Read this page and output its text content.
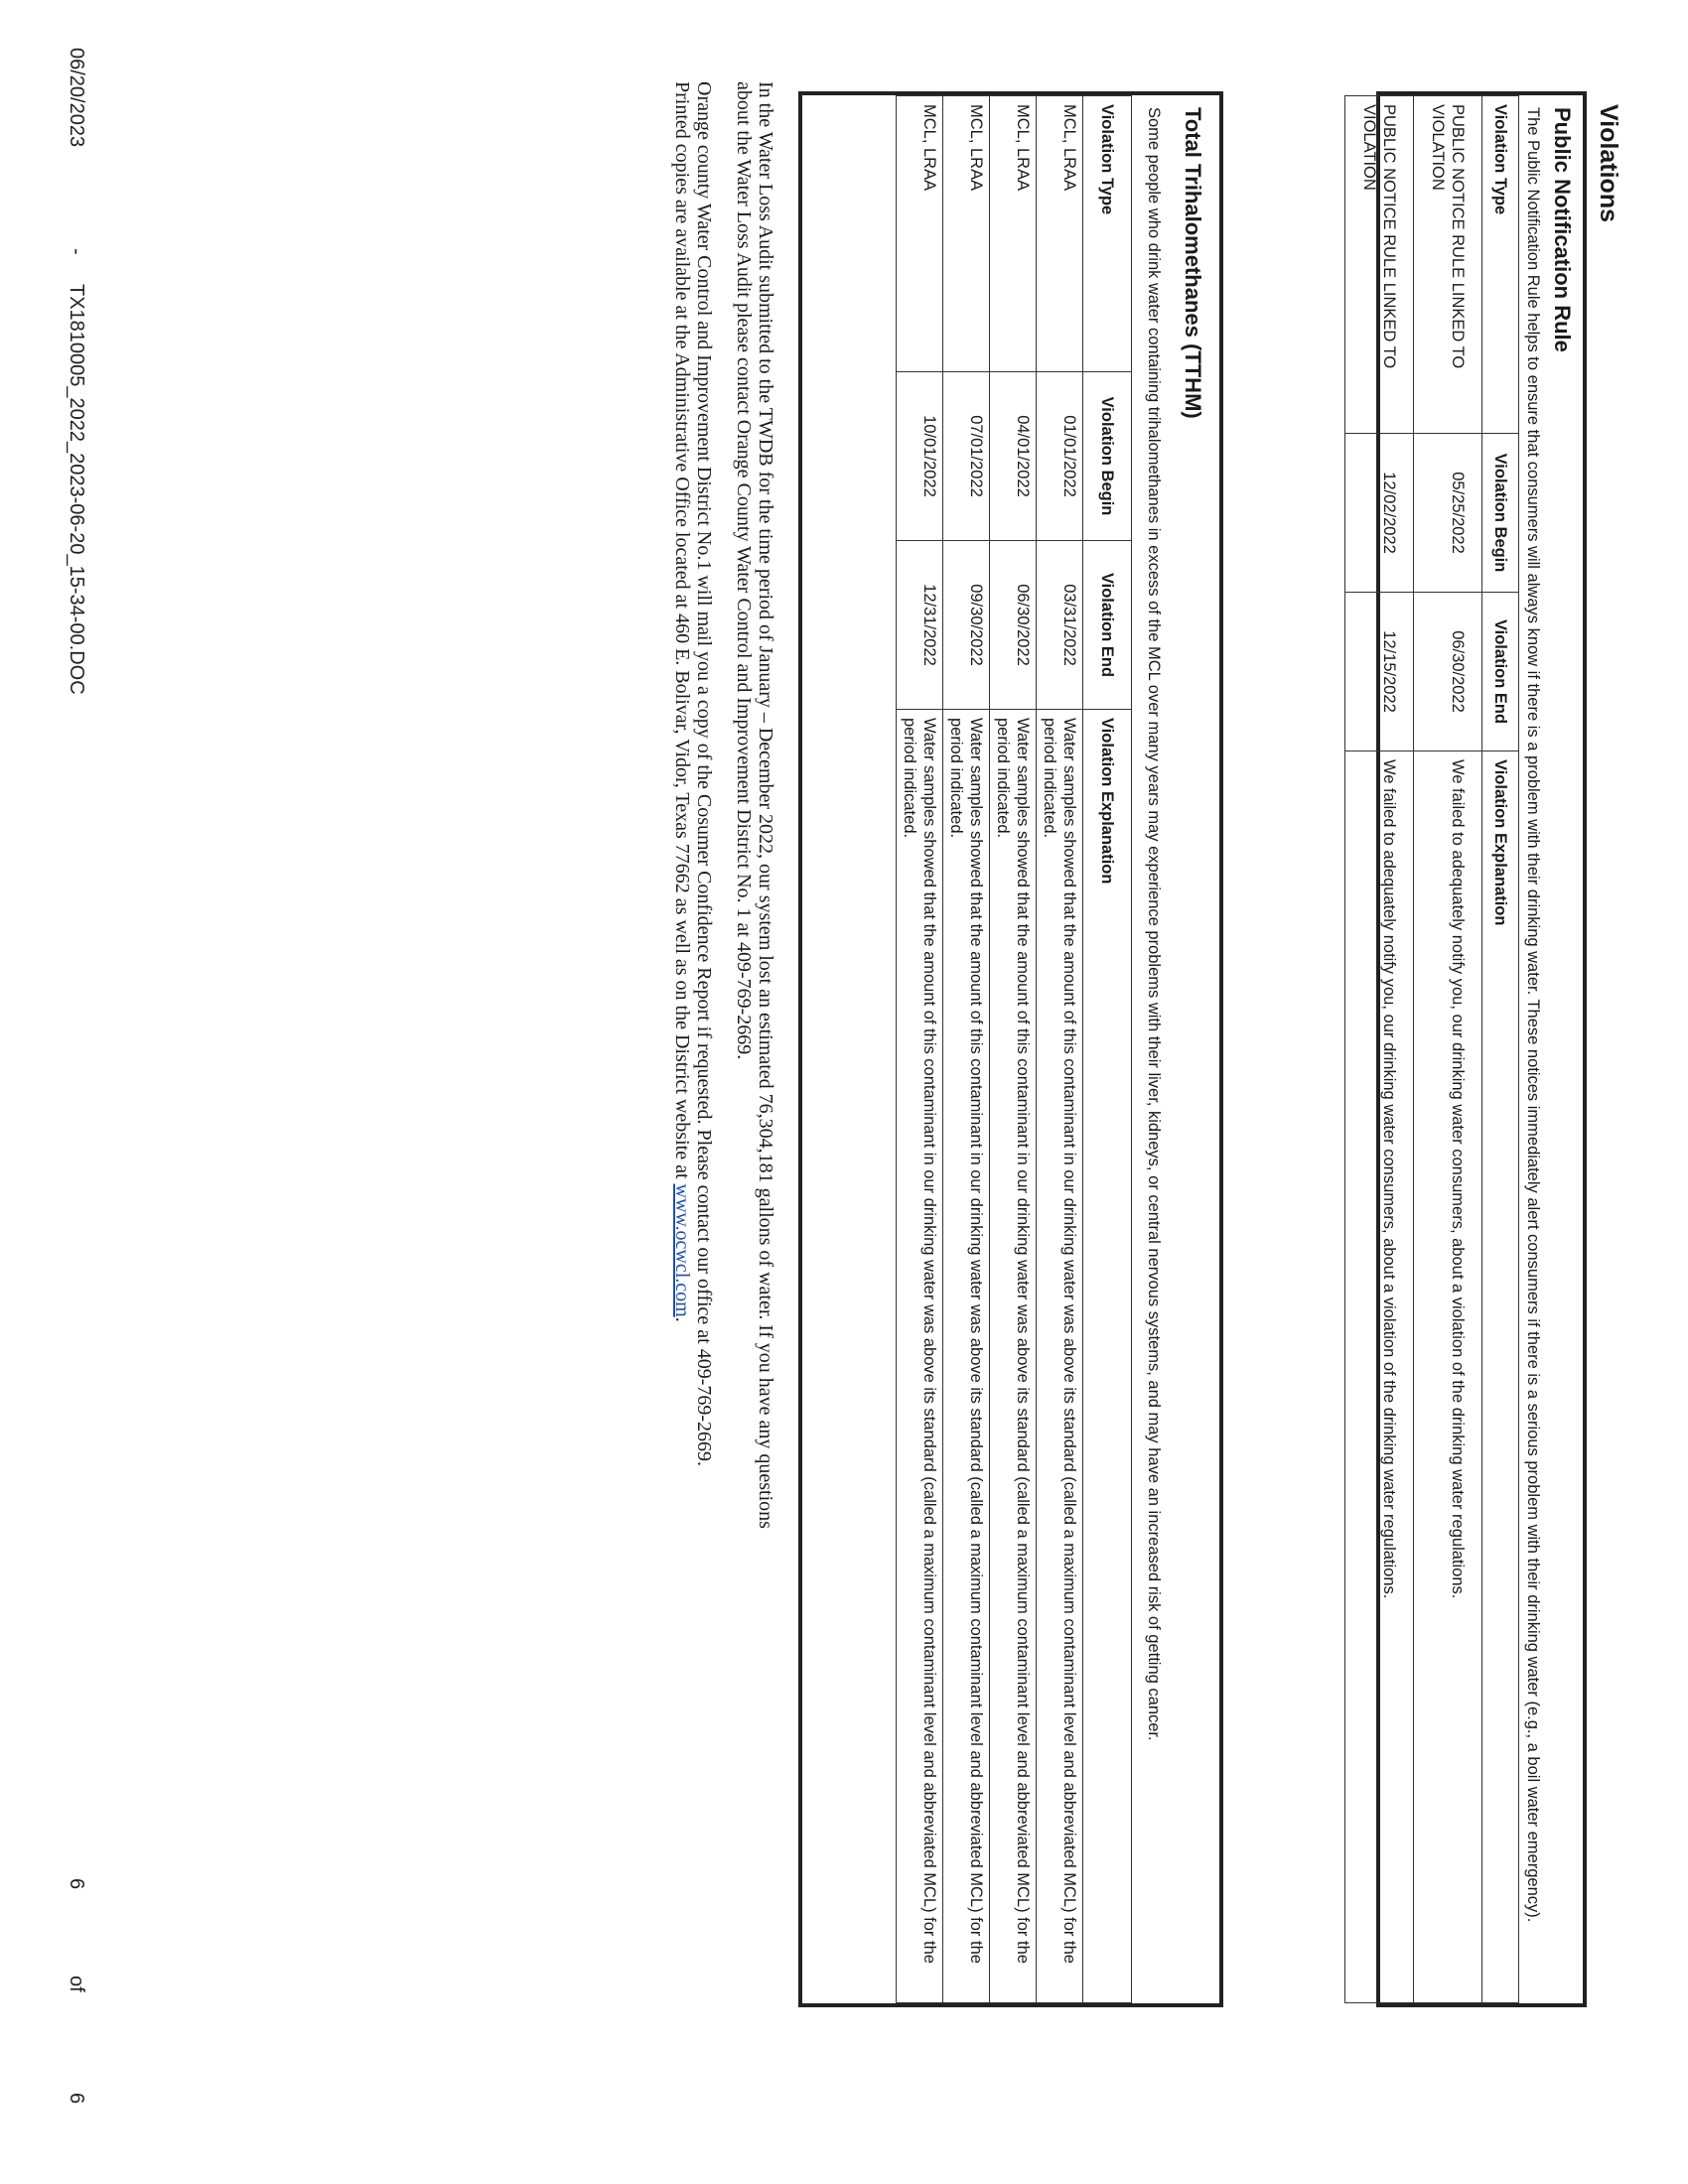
Violations
Public Notification Rule
The Public Notification Rule helps to ensure that consumers will always know if there is a problem with their drinking water. These notices immediately alert consumers if there is a serious problem with their drinking water (e.g., a boil water emergency).
Violation Type	Violation Begin	Violation End	Violation Explanation
PUBLIC NOTICE RULE LINKED TO VIOLATION	05/25/2022	06/30/2022	We failed to adequately notify you, our drinking water consumers, about a violation of the drinking water regulations.
PUBLIC NOTICE RULE LINKED TO VIOLATION	12/02/2022	12/15/2022	We failed to adequately notify you, our drinking water consumers, about a violation of the drinking water regulations.
Total Trihalomethanes (TTHM)
Some people who drink water containing trihalomethanes in excess of the MCL over many years may experience problems with their liver, kidneys, or central nervous systems, and may have an increased risk of getting cancer.
Violation Type	Violation Begin	Violation End	Violation Explanation
MCL, LRAA	01/01/2022	03/31/2022	Water samples showed that the amount of this contaminant in our drinking water was above its standard (called a maximum contaminant level and abbreviated MCL) for the period indicated.
MCL, LRAA	04/01/2022	06/30/2022	Water samples showed that the amount of this contaminant in our drinking water was above its standard (called a maximum contaminant level and abbreviated MCL) for the period indicated.
MCL, LRAA	07/01/2022	09/30/2022	Water samples showed that the amount of this contaminant in our drinking water was above its standard (called a maximum contaminant level and abbreviated MCL) for the period indicated.
MCL, LRAA	10/01/2022	12/31/2022	Water samples showed that the amount of this contaminant in our drinking water was above its standard (called a maximum contaminant level and abbreviated MCL) for the period indicated.
In the Water Loss Audit submitted to the TWDB for the time period of January – December 2022, our system lost an estimated 76,304,181 gallons of water. If you have any questions
about the Water Loss Audit please contact Orange County Water Control and Improvement District No. 1 at 409-769-2669.
Orange county Water Control and Improvement District No.1 will mail you a copy of the Cosumer Confidence Report if requested. Please contact our office at 409-769-2669.
Printed copies are available at the Administrative Office located at 460 E. Bolivar, Vidor, Texas 77662 as well as on the District website at www.ocwcl.com.
06/20/2023
-
TX1810005_2022_2023-06-20_15-34-00.DOC
6
of
6
